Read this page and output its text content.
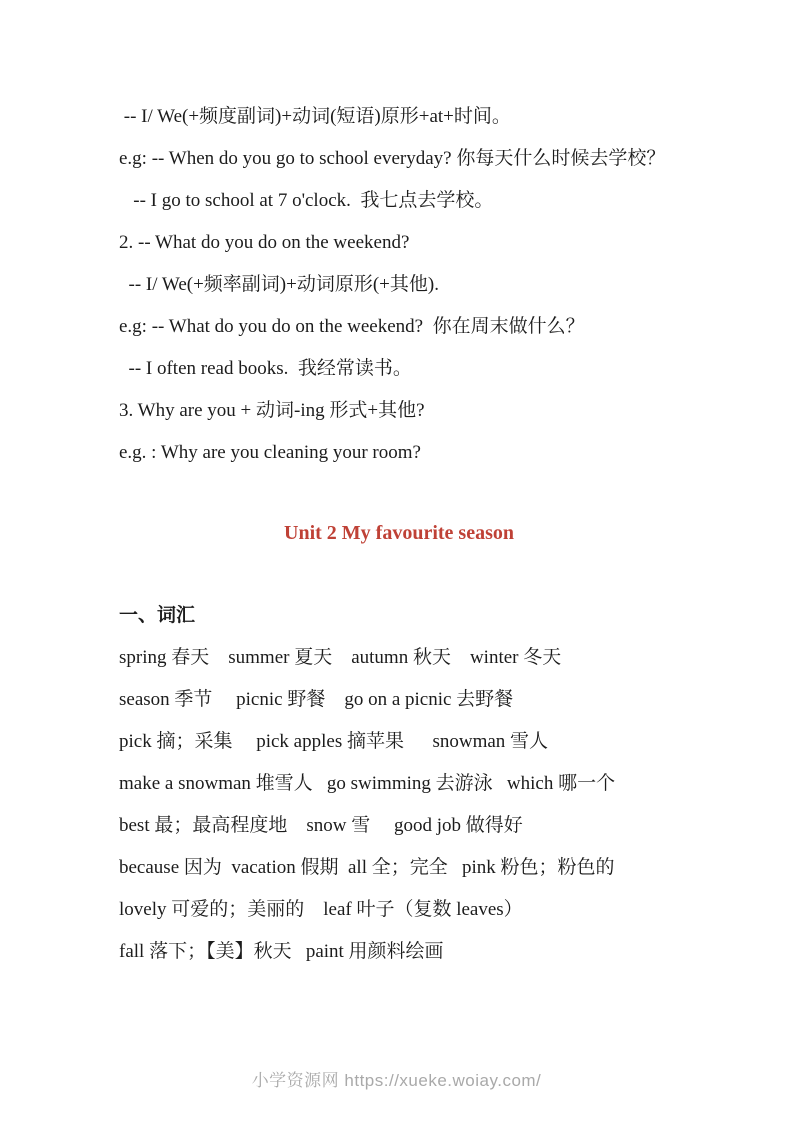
-- I/ We(+频度副词)+动词(短语)原形+at+时间。

e.g: -- When do you go to school everyday? 你每天什么时候去学校？

-- I go to school at 7 o'clock.  我七点去学校。

2. -- What do you do on the weekend?

-- I/ We(+频率副词)+动词原形(+其他).

e.g: -- What do you do on the weekend?  你在周末做什么？

-- I often read books.  我经常读书。

3. Why are you + 动词-ing 形式+其他?

e.g. : Why are you cleaning your room?

Unit 2 My favourite season

一、词汇

spring 春天    summer 夏天    autumn 秋天    winter 冬天

season 季节     picnic 野餐    go on a picnic 去野餐

pick 摘；采集     pick apples 摘苹果      snowman 雪人

make a snowman 堆雪人   go swimming 去游泳   which 哪一个

best 最；最高程度地    snow 雪     good job 做得好

because 因为  vacation 假期  all 全；完全   pink 粉色；粉色的

lovely 可爱的；美丽的    leaf 叶子（复数 leaves）

fall 落下；【美】秋天   paint 用颜料绘画

小学资源网 https://xueke.woiay.com/
